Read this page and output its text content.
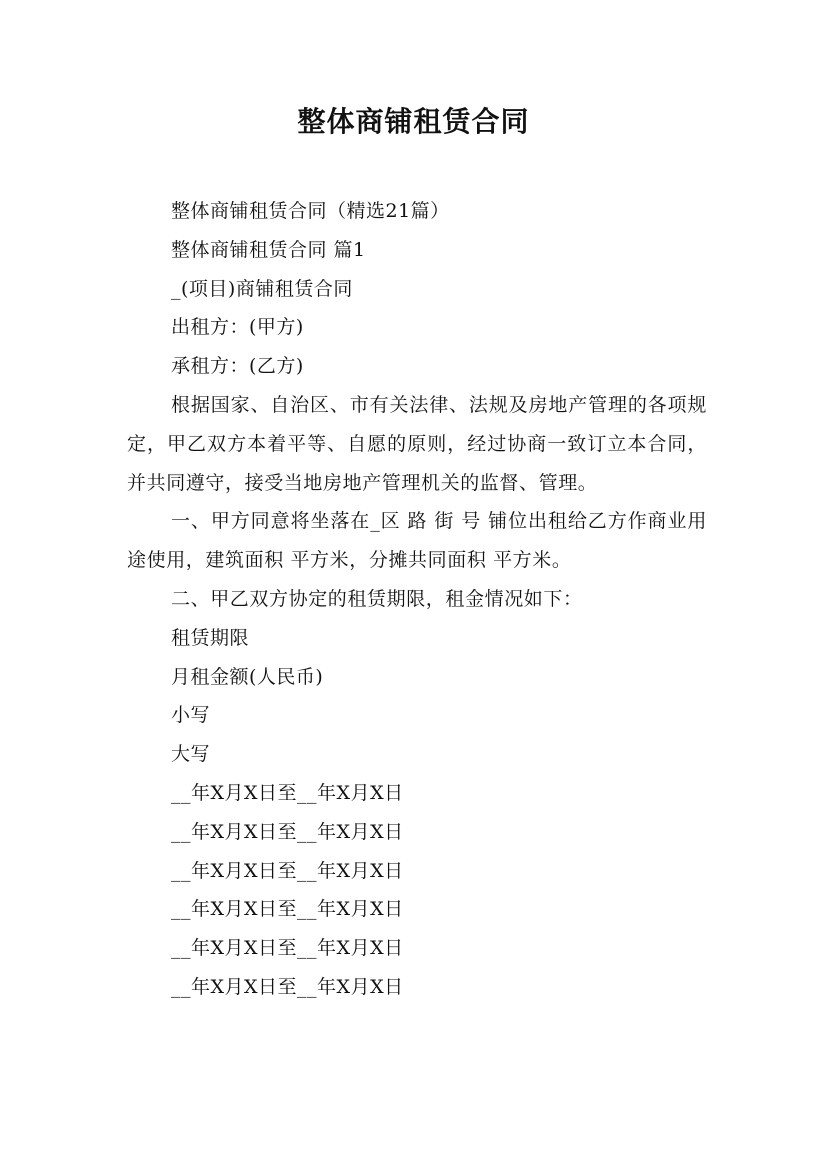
整体商铺租赁合同
整体商铺租赁合同（精选21篇）
整体商铺租赁合同 篇1
_(项目)商铺租赁合同
出租方：(甲方)
承租方：(乙方)
根据国家、自治区、市有关法律、法规及房地产管理的各项规定，甲乙双方本着平等、自愿的原则，经过协商一致订立本合同，并共同遵守，接受当地房地产管理机关的监督、管理。
一、甲方同意将坐落在_区 路 街 号 铺位出租给乙方作商业用途使用，建筑面积 平方米，分摊共同面积 平方米。
二、甲乙双方协定的租赁期限，租金情况如下：
租赁期限
月租金额(人民币)
小写
大写
__年X月X日至__年X月X日
__年X月X日至__年X月X日
__年X月X日至__年X月X日
__年X月X日至__年X月X日
__年X月X日至__年X月X日
__年X月X日至__年X月X日
